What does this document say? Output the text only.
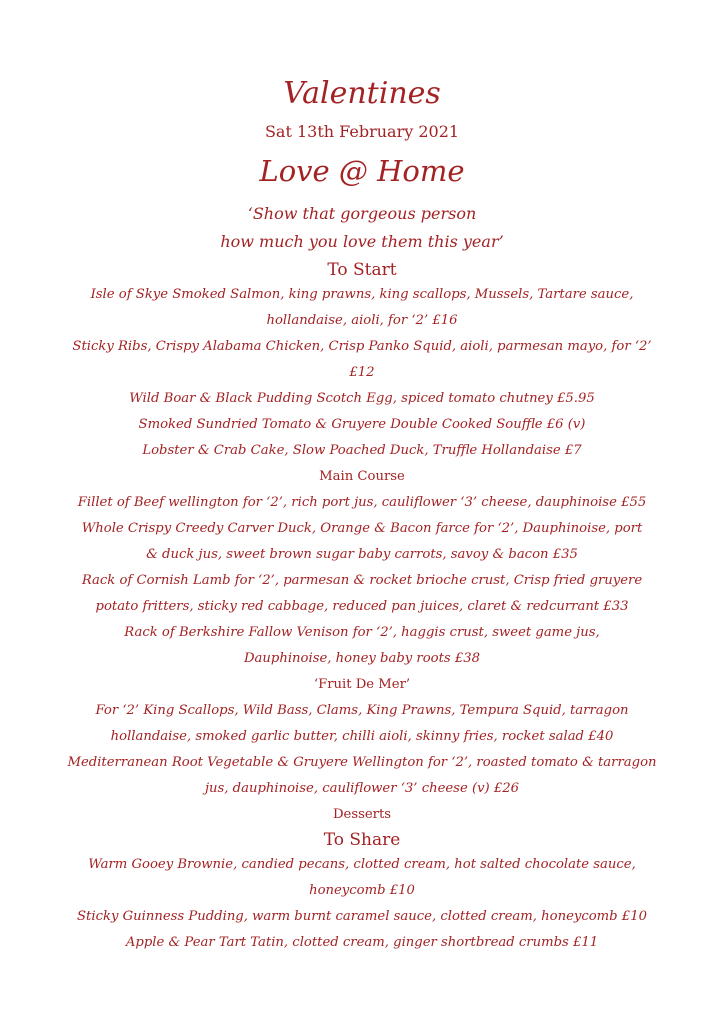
Valentines
Sat 13th February 2021
Love @ Home
‘Show that gorgeous person
how much you love them this year’
To Start
Isle of Skye Smoked Salmon, king prawns, king scallops, Mussels, Tartare sauce, hollandaise, aioli, for ‘2’ £16
Sticky Ribs, Crispy Alabama Chicken, Crisp Panko Squid, aioli, parmesan mayo, for ‘2’ £12
Wild Boar & Black Pudding Scotch Egg, spiced tomato chutney £5.95
Smoked Sundried Tomato & Gruyere Double Cooked Souffle £6 (v)
Lobster & Crab Cake, Slow Poached Duck, Truffle Hollandaise £7
Main Course
Fillet of Beef wellington for ‘2’, rich port jus, cauliflower ‘3’ cheese, dauphinoise £55
Whole Crispy Creedy Carver Duck, Orange & Bacon farce for ‘2’, Dauphinoise, port & duck jus, sweet brown sugar baby carrots, savoy & bacon £35
Rack of Cornish Lamb for ‘2’, parmesan & rocket brioche crust, Crisp fried gruyere potato fritters, sticky red cabbage, reduced pan juices, claret & redcurrant £33
Rack of Berkshire Fallow Venison for ‘2’, haggis crust, sweet game jus, Dauphinoise, honey baby roots £38
‘Fruit De Mer’
For ‘2’ King Scallops, Wild Bass, Clams, King Prawns, Tempura Squid, tarragon hollandaise, smoked garlic butter, chilli aioli, skinny fries, rocket salad £40
Mediterranean Root Vegetable & Gruyere Wellington for ‘2’, roasted tomato & tarragon jus, dauphinoise, cauliflower ‘3’ cheese (v) £26
Desserts
To Share
Warm Gooey Brownie, candied pecans, clotted cream, hot salted chocolate sauce, honeycomb £10
Sticky Guinness Pudding, warm burnt caramel sauce, clotted cream, honeycomb £10
Apple & Pear Tart Tatin, clotted cream, ginger shortbread crumbs £11
